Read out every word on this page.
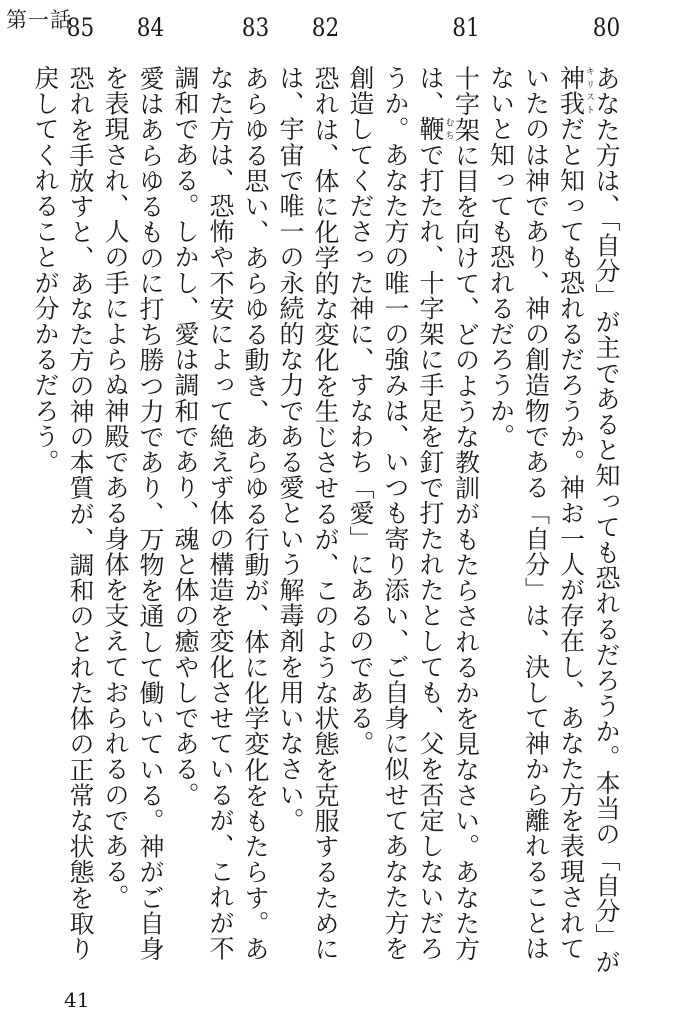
第一話	80　あなた方は、「自分」が主であると知っても恐れるだろうか。本当の「自分」が神我キリストだと知っても恐れるだろうか。神お一人が存在し、あなた方を表現されていたのは神であり、神の創造物である「自分」は、決して神から離れることはないと知っても恐れるだろうか。

81　十字架に目を向けて、どのような教訓がもたらされるかを見なさい。あなた方は、鞭むちで打たれ、十字架に手足を釘で打たれたとしても、父を否定しないだろうか。あなた方の唯一の強みは、いつも寄り添い、ご自身に似せてあなた方を創造してくださった神に、すなわち「愛」にあるのである。

82　恐れは、体に化学的な変化を生じさせるが、このような状態を克服するためには、宇宙で唯一の永続的な力である愛という解毒剤を用いなさい。

83　あらゆる思い、あらゆる動き、あらゆる行動が、体に化学変化をもたらす。あなた方は、恐怖や不安によって絶えず体の構造を変化させているが、これが不調和である。しかし、愛は調和であり、魂と体の癒やしである。

84　愛はあらゆるものに打ち勝つ力であり、万物を通して働いている。神がご自身を表現され、人の手によらぬ神殿である身体を支えておられるのである。

85　恐れを手放すと、あなた方の神の本質が、調和のとれた体の正常な状態を取り戻してくれることが分かるだろう。

41
